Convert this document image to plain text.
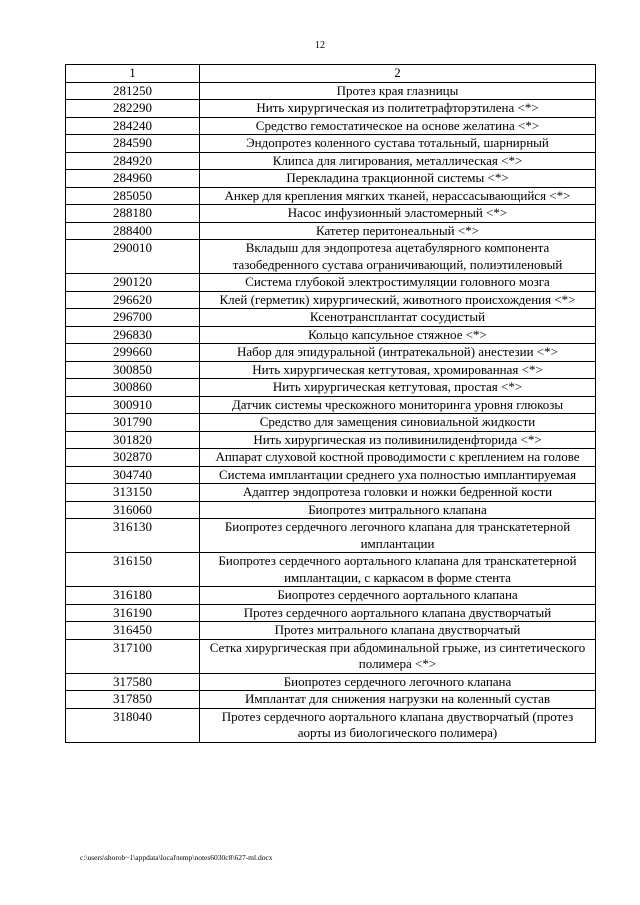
12
1	2
281250	Протез края глазницы
282290	Нить хирургическая из политетрафторэтилена <*>
284240	Средство гемостатическое на основе желатина <*>
284590	Эндопротез коленного сустава тотальный, шарнирный
284920	Клипса для лигирования, металлическая <*>
284960	Перекладина тракционной системы <*>
285050	Анкер для крепления мягких тканей, нерассасывающийся <*>
288180	Насос инфузионный эластомерный <*>
288400	Катетер перитонеальный <*>
290010	Вкладыш для эндопротеза ацетабулярного компонента тазобедренного сустава ограничивающий, полиэтиленовый
290120	Система глубокой электростимуляции головного мозга
296620	Клей (герметик) хирургический, животного происхождения <*>
296700	Ксенотрансплантат сосудистый
296830	Кольцо капсульное стяжное <*>
299660	Набор для эпидуральной (интратекальной) анестезии <*>
300850	Нить хирургическая кетгутовая, хромированная <*>
300860	Нить хирургическая кетгутовая, простая <*>
300910	Датчик системы чрескожного мониторинга уровня глюкозы
301790	Средство для замещения синовиальной жидкости
301820	Нить хирургическая из поливинилиденфторида <*>
302870	Аппарат слуховой костной проводимости с креплением на голове
304740	Система имплантации среднего уха полностью имплантируемая
313150	Адаптер эндопротеза головки и ножки бедренной кости
316060	Биопротез митрального клапана
316130	Биопротез сердечного легочного клапана для транскатетерной имплантации
316150	Биопротез сердечного аортального клапана для транскатетерной имплантации, с каркасом в форме стента
316180	Биопротез сердечного аортального клапана
316190	Протез сердечного аортального клапана двустворчатый
316450	Протез митрального клапана двустворчатый
317100	Сетка хирургическая при абдоминальной грыже, из синтетического полимера <*>
317580	Биопротез сердечного легочного клапана
317850	Имплантат для снижения нагрузки на коленный сустав
318040	Протез сердечного аортального клапана двустворчатый (протез аорты из биологического полимера)
c:\users\shorob~1\appdata\local\temp\notes6030c8\627-ml.docx
